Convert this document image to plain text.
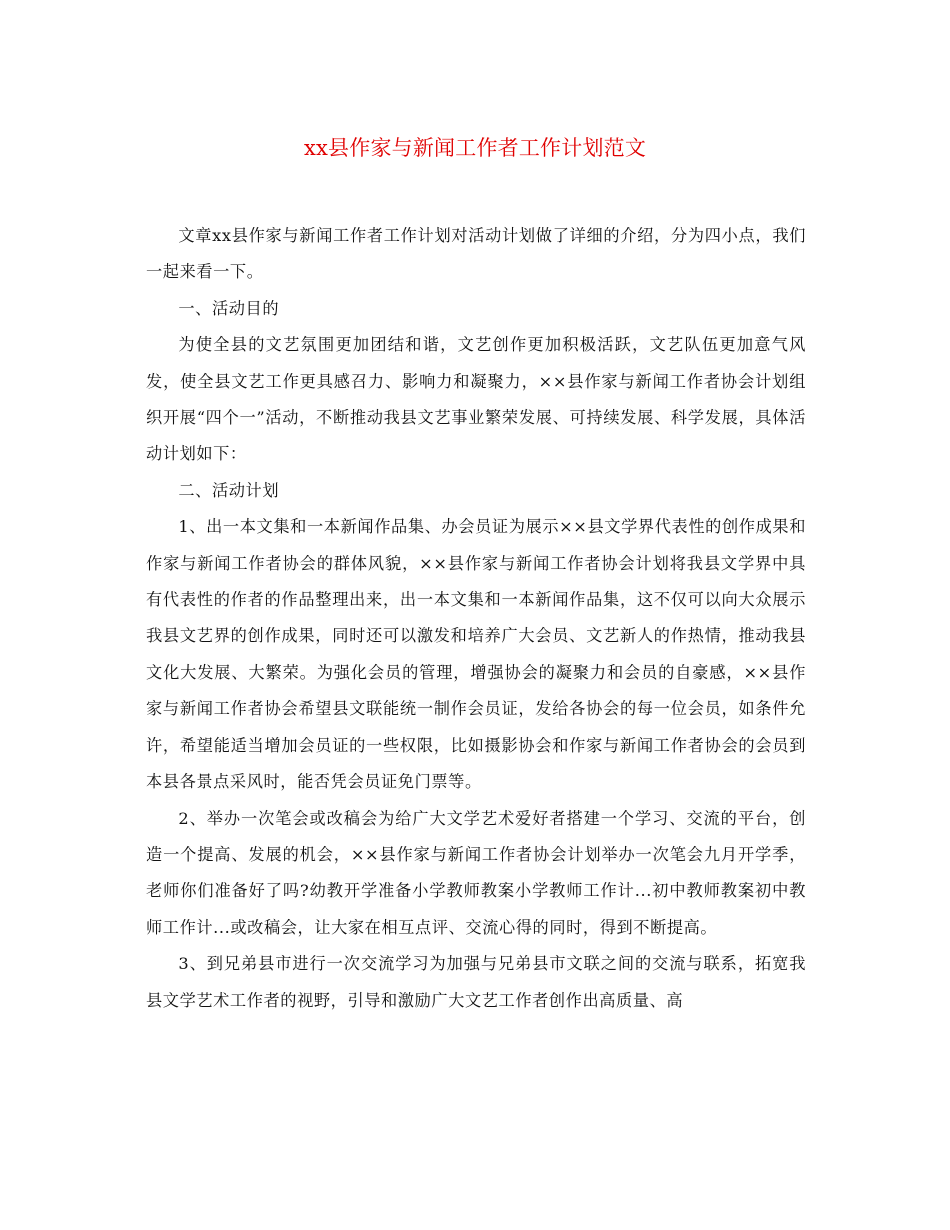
xx县作家与新闻工作者工作计划范文

文章xx县作家与新闻工作者工作计划对活动计划做了详细的介绍，分为四小点，我们一起来看一下。

一、活动目的

为使全县的文艺氛围更加团结和谐，文艺创作更加积极活跃，文艺队伍更加意气风发，使全县文艺工作更具感召力、影响力和凝聚力，××县作家与新闻工作者协会计划组织开展“四个一”活动，不断推动我县文艺事业繁荣发展、可持续发展、科学发展，具体活动计划如下：

二、活动计划

1、出一本文集和一本新闻作品集、办会员证为展示××县文学界代表性的创作成果和作家与新闻工作者协会的群体风貌，××县作家与新闻工作者协会计划将我县文学界中具有代表性的作者的作品整理出来，出一本文集和一本新闻作品集，这不仅可以向大众展示我县文艺界的创作成果，同时还可以激发和培养广大会员、文艺新人的作热情，推动我县文化大发展、大繁荣。为强化会员的管理，增强协会的凝聚力和会员的自豪感，××县作家与新闻工作者协会希望县文联能统一制作会员证，发给各协会的每一位会员，如条件允许，希望能适当增加会员证的一些权限，比如摄影协会和作家与新闻工作者协会的会员到本县各景点采风时，能否凭会员证免门票等。

2、举办一次笔会或改稿会为给广大文学艺术爱好者搭建一个学习、交流的平台，创造一个提高、发展的机会，××县作家与新闻工作者协会计划举办一次笔会九月开学季，老师你们准备好了吗?幼教开学准备小学教师教案小学教师工作计...初中教师教案初中教师工作计...或改稿会，让大家在相互点评、交流心得的同时，得到不断提高。

3、到兄弟县市进行一次交流学习为加强与兄弟县市文联之间的交流与联系，拓宽我县文学艺术工作者的视野，引导和激励广大文艺工作者创作出高质量、高
